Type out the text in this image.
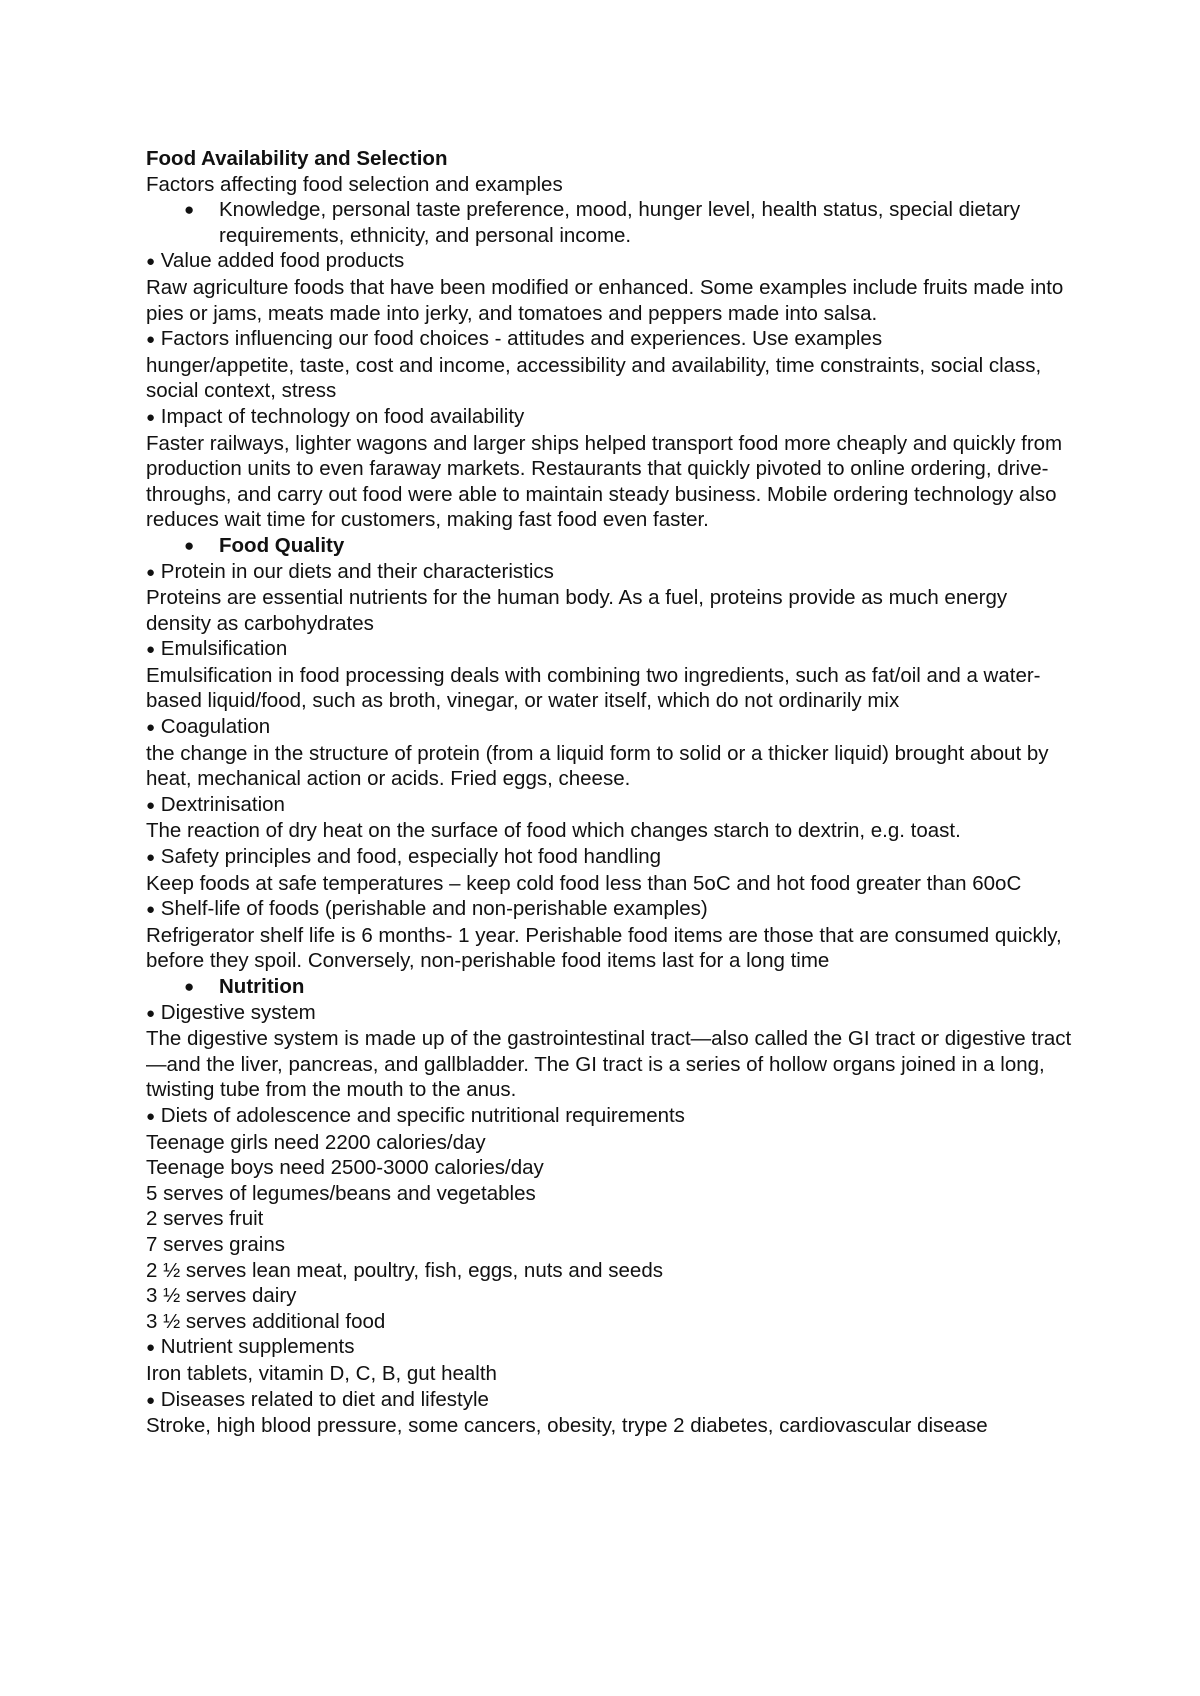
Food Availability and Selection

Factors affecting food selection and examples

● Knowledge, personal taste preference, mood, hunger level, health status, special dietary requirements, ethnicity, and personal income.

● Value added food products

Raw agriculture foods that have been modified or enhanced. Some examples include fruits made into pies or jams, meats made into jerky, and tomatoes and peppers made into salsa.

● Factors influencing our food choices - attitudes and experiences. Use examples

hunger/appetite, taste, cost and income, accessibility and availability, time constraints, social class, social context, stress

● Impact of technology on food availability

Faster railways, lighter wagons and larger ships helped transport food more cheaply and quickly from production units to even faraway markets. Restaurants that quickly pivoted to online ordering, drive-throughs, and carry out food were able to maintain steady business. Mobile ordering technology also reduces wait time for customers, making fast food even faster.

● Food Quality

● Protein in our diets and their characteristics

Proteins are essential nutrients for the human body. As a fuel, proteins provide as much energy density as carbohydrates

● Emulsification

Emulsification in food processing deals with combining two ingredients, such as fat/oil and a water-based liquid/food, such as broth, vinegar, or water itself, which do not ordinarily mix

● Coagulation

the change in the structure of protein (from a liquid form to solid or a thicker liquid) brought about by heat, mechanical action or acids. Fried eggs, cheese.

● Dextrinisation

The reaction of dry heat on the surface of food which changes starch to dextrin, e.g. toast.

● Safety principles and food, especially hot food handling

Keep foods at safe temperatures – keep cold food less than 5oC and hot food greater than 60oC

● Shelf-life of foods (perishable and non-perishable examples)

Refrigerator shelf life is 6 months- 1 year. Perishable food items are those that are consumed quickly, before they spoil. Conversely, non-perishable food items last for a long time

● Nutrition

● Digestive system

The digestive system is made up of the gastrointestinal tract—also called the GI tract or digestive tract—and the liver, pancreas, and gallbladder. The GI tract is a series of hollow organs joined in a long, twisting tube from the mouth to the anus.

● Diets of adolescence and specific nutritional requirements

Teenage girls need 2200 calories/day

Teenage boys need 2500-3000 calories/day

5 serves of legumes/beans and vegetables

2 serves fruit

7 serves grains

2 ½ serves lean meat, poultry, fish, eggs, nuts and seeds

3 ½ serves dairy

3 ½ serves additional food

● Nutrient supplements

Iron tablets, vitamin D, C, B, gut health

● Diseases related to diet and lifestyle

Stroke, high blood pressure, some cancers, obesity, trype 2 diabetes, cardiovascular disease
